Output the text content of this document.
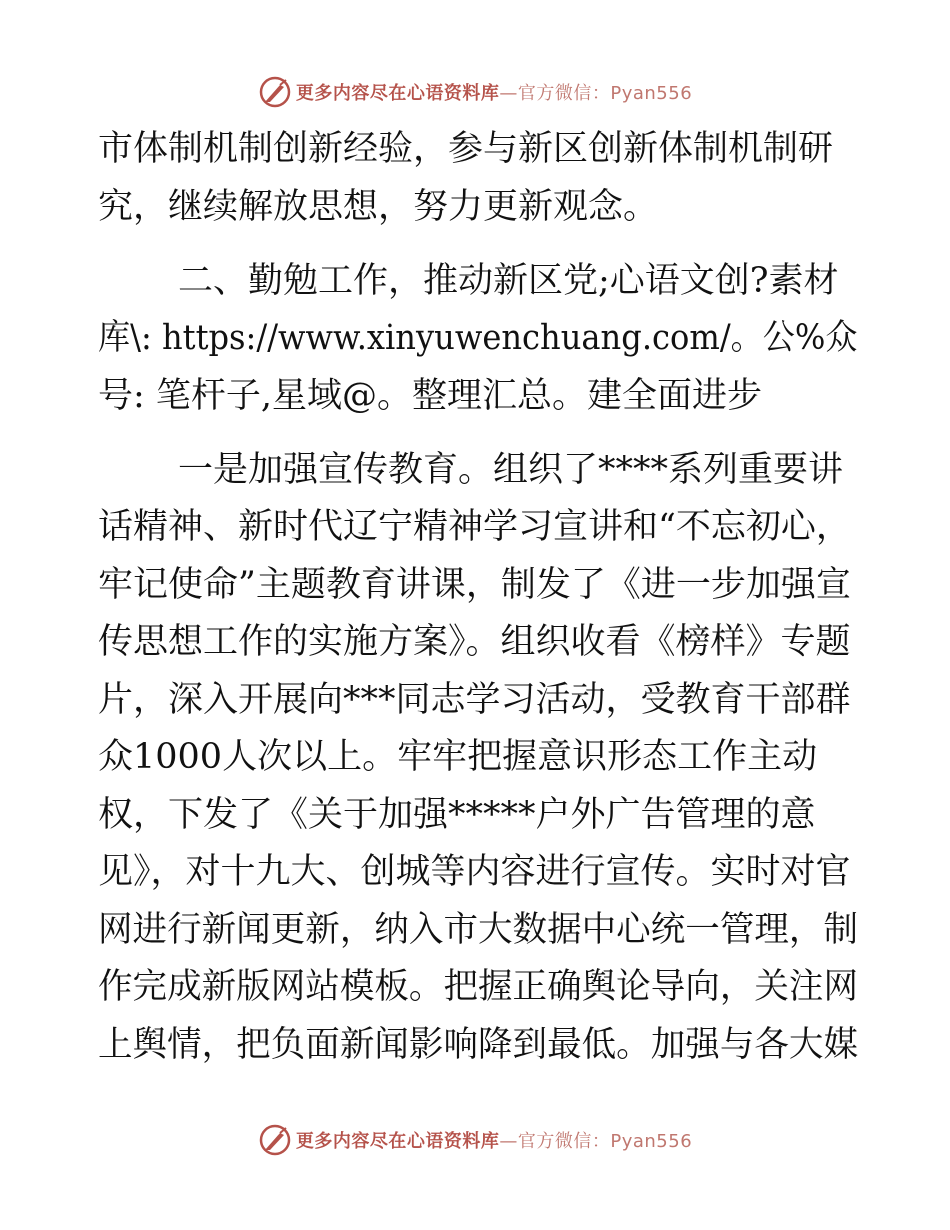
更多内容尽在心语资料库—官方微信：Pyan556
市体制机制创新经验，参与新区创新体制机制研
究，继续解放思想，努力更新观念。
二、勤勉工作，推动新区党;心语文创?素材
库\: https://www.xinyuwenchuang.com/。公%众
号: 笔杆子,星域@。整理汇总。建全面进步
一是加强宣传教育。组织了****系列重要讲
话精神、新时代辽宁精神学习宣讲和“不忘初心，
牢记使命”主题教育讲课，制发了《进一步加强宣
传思想工作的实施方案》。组织收看《榜样》专题
片，深入开展向***同志学习活动，受教育干部群
众1000人次以上。牢牢把握意识形态工作主动
权，下发了《关于加强*****户外广告管理的意
见》，对十九大、创城等内容进行宣传。实时对官
网进行新闻更新，纳入市大数据中心统一管理，制
作完成新版网站模板。把握正确舆论导向，关注网
上舆情，把负面新闻影响降到最低。加强与各大媒
更多内容尽在心语资料库—官方微信：Pyan556
